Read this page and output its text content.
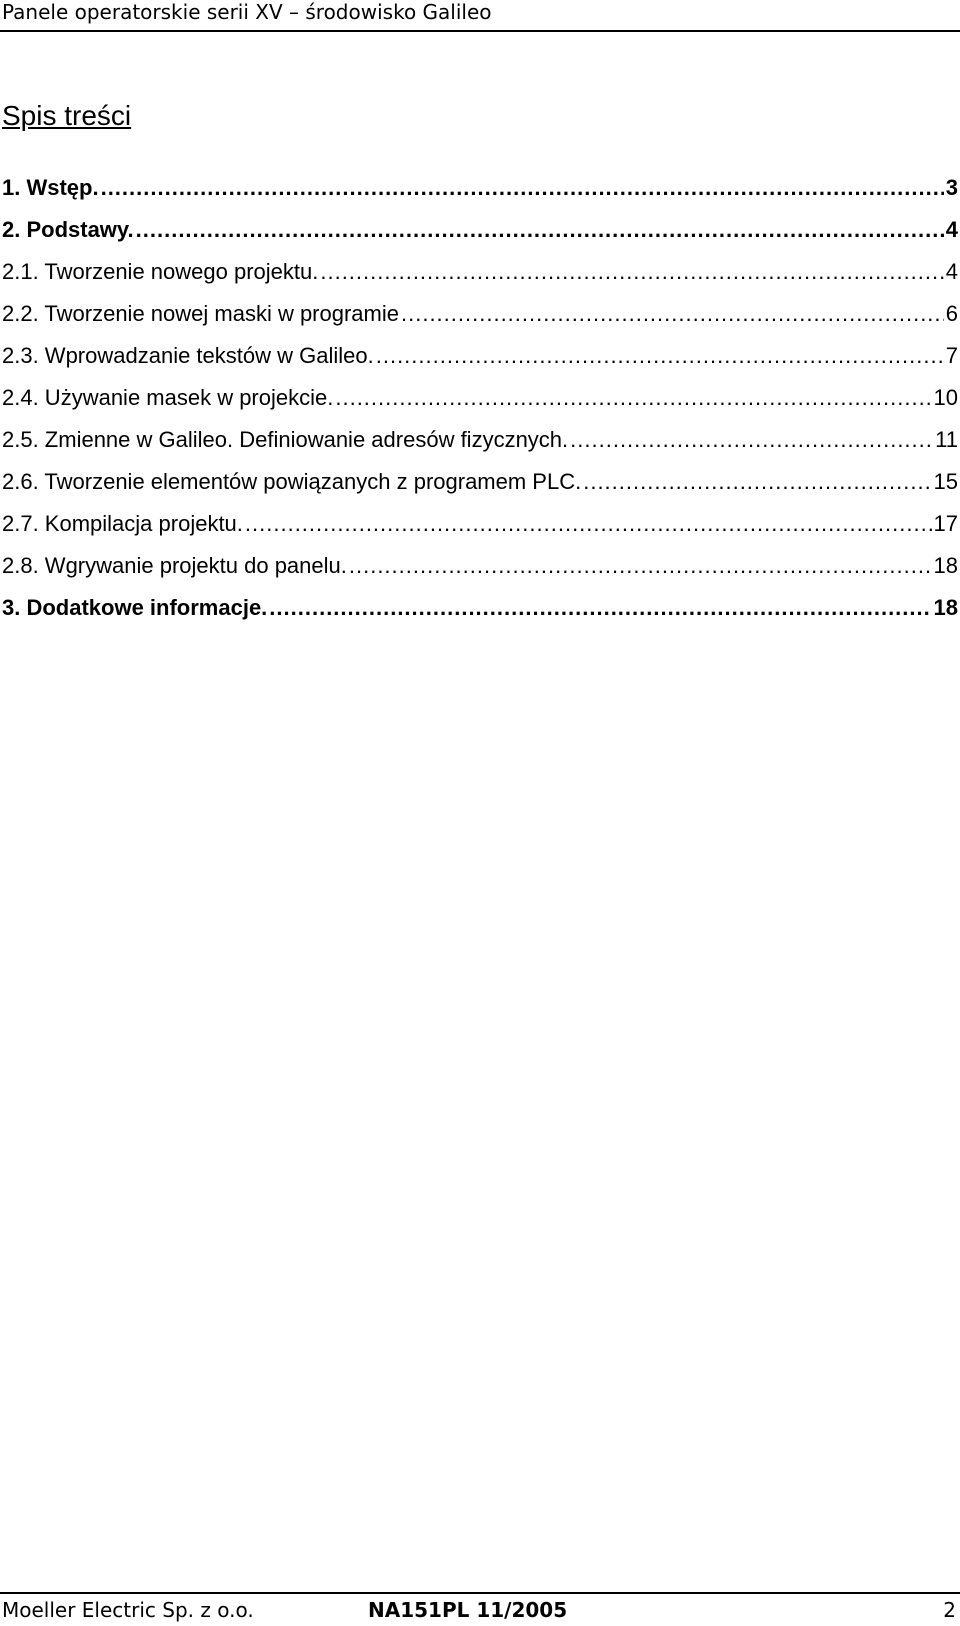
Panele operatorskie serii XV – środowisko Galileo
Spis treści
1. Wstęp. .....	3
2. Podstawy. .....	4
2.1. Tworzenie nowego projektu. .....	4
2.2. Tworzenie nowej maski w programie .....	6
2.3. Wprowadzanie tekstów w Galileo. .....	7
2.4. Używanie masek w projekcie. .....	10
2.5. Zmienne w Galileo. Definiowanie adresów fizycznych. .....	11
2.6. Tworzenie elementów powiązanych z programem PLC. .....	15
2.7. Kompilacja projektu. .....	17
2.8. Wgrywanie projektu do panelu. .....	18
3. Dodatkowe informacje. .....	18
Moeller Electric Sp. z o.o.	NA151PL 11/2005	2
